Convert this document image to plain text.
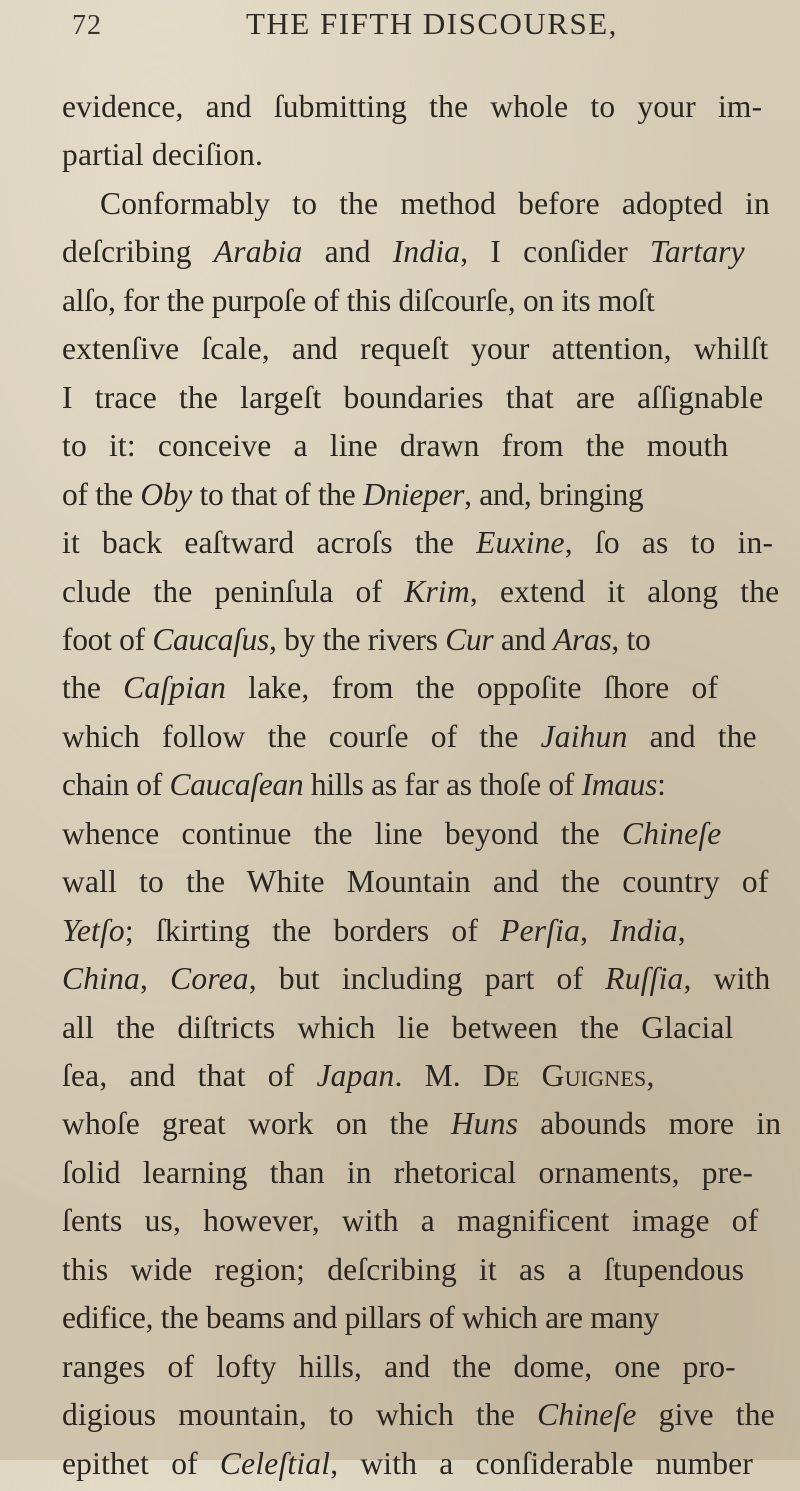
72	THE FIFTH DISCOURSE,
evidence, and ſubmitting the whole to your im-
partial deciſion.
Conformably to the method before adopted in
deſcribing Arabia and India, I conſider Tartary
alſo, for the purpoſe of this diſcourſe, on its moſt
extenſive ſcale, and requeſt your attention, whilſt
I trace the largeſt boundaries that are aſſignable
to it: conceive a line drawn from the mouth
of the Oby to that of the Dnieper, and, bringing
it back eaſtward acroſs the Euxine, ſo as to in-
clude the peninſula of Krim, extend it along the
foot of Caucaſus, by the rivers Cur and Aras, to
the Caſpian lake, from the oppoſite ſhore of
which follow the courſe of the Jaihun and the
chain of Caucaſean hills as far as thoſe of Imaus:
whence continue the line beyond the Chineſe
wall to the White Mountain and the country of
Yetſo; ſkirting the borders of Perſia, India,
China, Corea, but including part of Ruſſia, with
all the diſtricts which lie between the Glacial
ſea, and that of Japan. M. De Guignes,
whoſe great work on the Huns abounds more in
ſolid learning than in rhetorical ornaments, pre-
ſents us, however, with a magnificent image of
this wide region; deſcribing it as a ſtupendous
edifice, the beams and pillars of which are many
ranges of lofty hills, and the dome, one pro-
digious mountain, to which the Chineſe give the
epithet of Celeſtial, with a conſiderable number
